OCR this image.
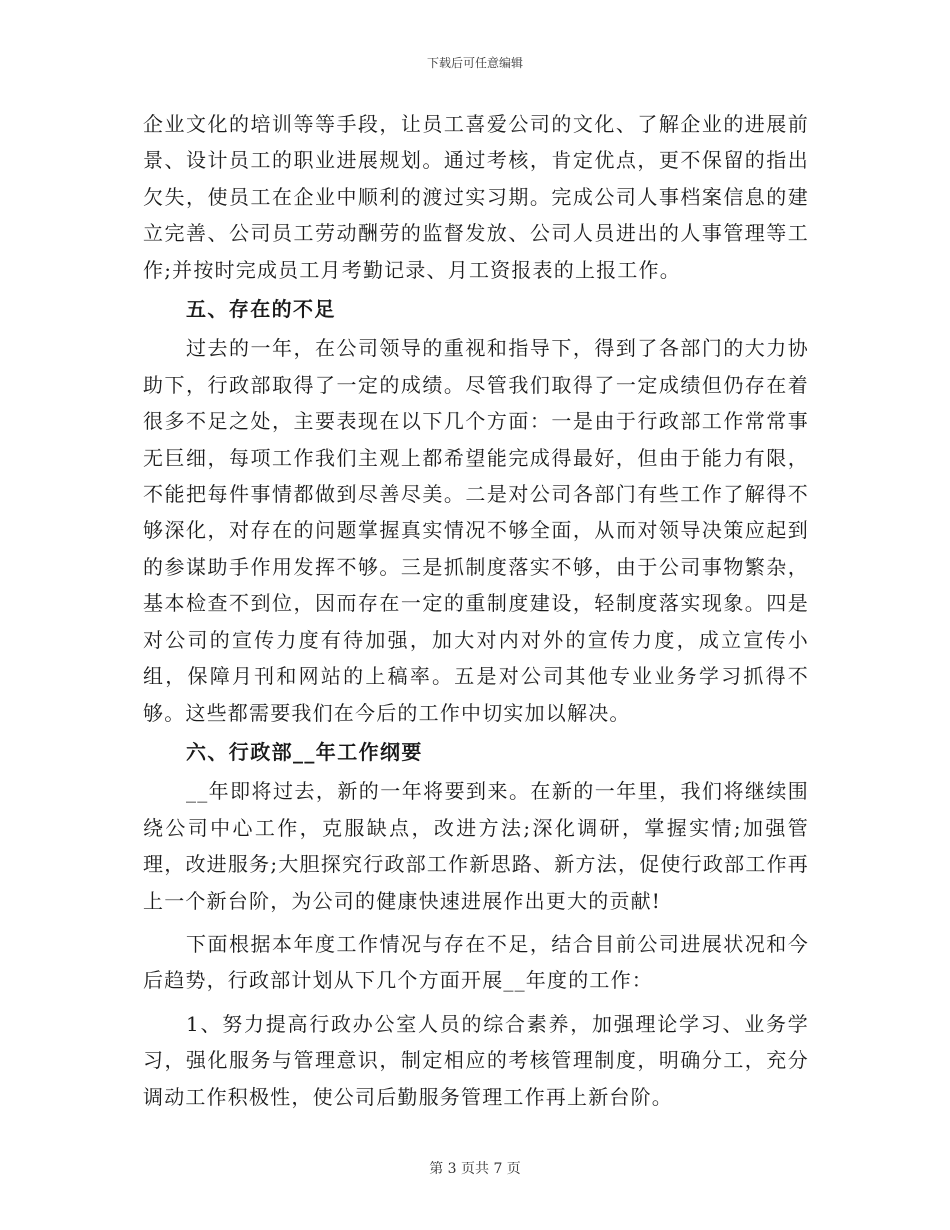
下载后可任意编辑

企业文化的培训等等手段，让员工喜爱公司的文化、了解企业的进展前景、设计员工的职业进展规划。通过考核，肯定优点，更不保留的指出欠失，使员工在企业中顺利的渡过实习期。完成公司人事档案信息的建立完善、公司员工劳动酬劳的监督发放、公司人员进出的人事管理等工作;并按时完成员工月考勤记录、月工资报表的上报工作。

五、存在的不足

过去的一年，在公司领导的重视和指导下，得到了各部门的大力协助下，行政部取得了一定的成绩。尽管我们取得了一定成绩但仍存在着很多不足之处，主要表现在以下几个方面：一是由于行政部工作常常事无巨细，每项工作我们主观上都希望能完成得最好，但由于能力有限，不能把每件事情都做到尽善尽美。二是对公司各部门有些工作了解得不够深化，对存在的问题掌握真实情况不够全面，从而对领导决策应起到的参谋助手作用发挥不够。三是抓制度落实不够，由于公司事物繁杂，基本检查不到位，因而存在一定的重制度建设，轻制度落实现象。四是对公司的宣传力度有待加强，加大对内对外的宣传力度，成立宣传小组，保障月刊和网站的上稿率。五是对公司其他专业业务学习抓得不够。这些都需要我们在今后的工作中切实加以解决。

六、行政部__年工作纲要

__年即将过去，新的一年将要到来。在新的一年里，我们将继续围绕公司中心工作，克服缺点，改进方法;深化调研，掌握实情;加强管理，改进服务;大胆探究行政部工作新思路、新方法，促使行政部工作再上一个新台阶，为公司的健康快速进展作出更大的贡献!

下面根据本年度工作情况与存在不足，结合目前公司进展状况和今后趋势，行政部计划从下几个方面开展__年度的工作：

1、努力提高行政办公室人员的综合素养，加强理论学习、业务学习，强化服务与管理意识，制定相应的考核管理制度，明确分工，充分调动工作积极性，使公司后勤服务管理工作再上新台阶。

第 3 页共 7 页
